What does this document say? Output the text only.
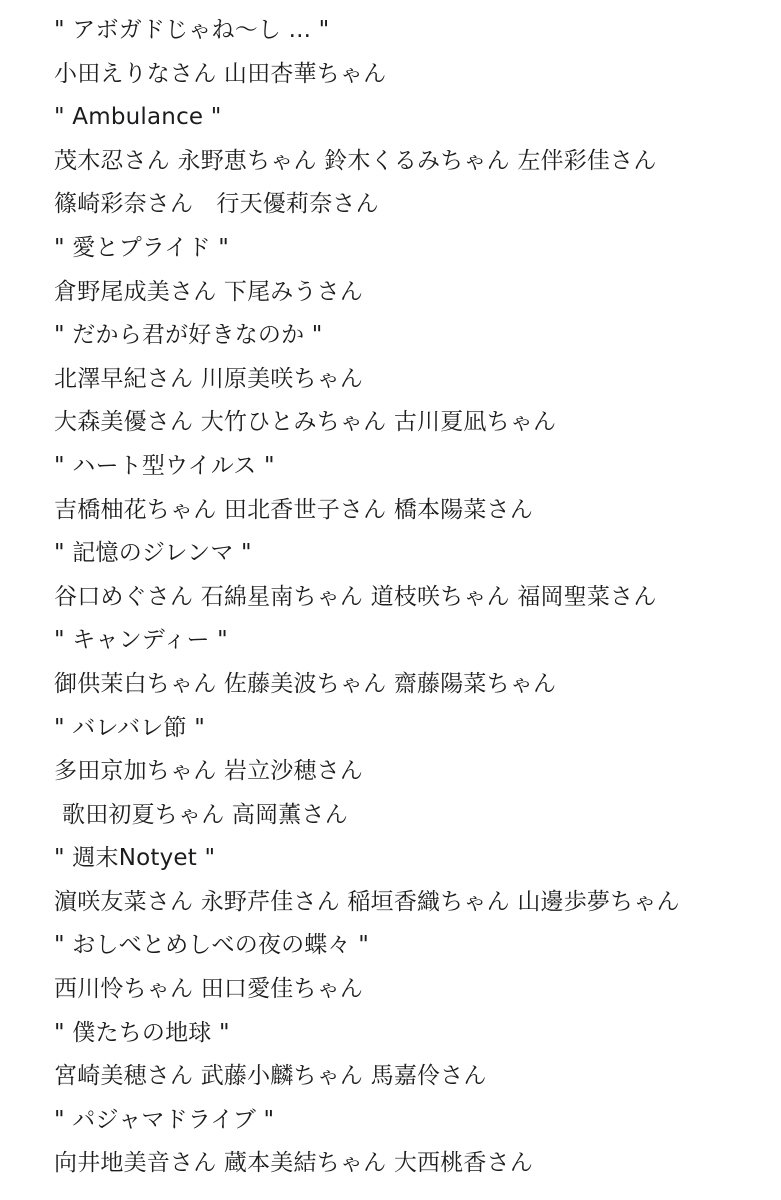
" アボガドじゃね〜し ... "
小田えりなさん 山田杏華ちゃん
" Ambulance "
茂木忍さん 永野恵ちゃん 鈴木くるみちゃん 左伴彩佳さん
篠崎彩奈さん　行天優莉奈さん
" 愛とプライド "
倉野尾成美さん 下尾みうさん
" だから君が好きなのか "
北澤早紀さん 川原美咲ちゃん
大森美優さん 大竹ひとみちゃん 古川夏凪ちゃん
" ハート型ウイルス "
吉橋柚花ちゃん 田北香世子さん 橋本陽菜さん
" 記憶のジレンマ "
谷口めぐさん 石綿星南ちゃん 道枝咲ちゃん 福岡聖菜さん
" キャンディー "
御供茉白ちゃん 佐藤美波ちゃん 齋藤陽菜ちゃん
" バレバレ節 "
多田京加ちゃん 岩立沙穂さん
歌田初夏ちゃん 高岡薫さん
" 週末Notyet "
濵咲友菜さん 永野芹佳さん 稲垣香織ちゃん 山邊歩夢ちゃん
" おしべとめしべの夜の蝶々 "
西川怜ちゃん 田口愛佳ちゃん
" 僕たちの地球 "
宮崎美穂さん 武藤小麟ちゃん 馬嘉伶さん
" パジャマドライブ "
向井地美音さん 蔵本美結ちゃん 大西桃香さん
